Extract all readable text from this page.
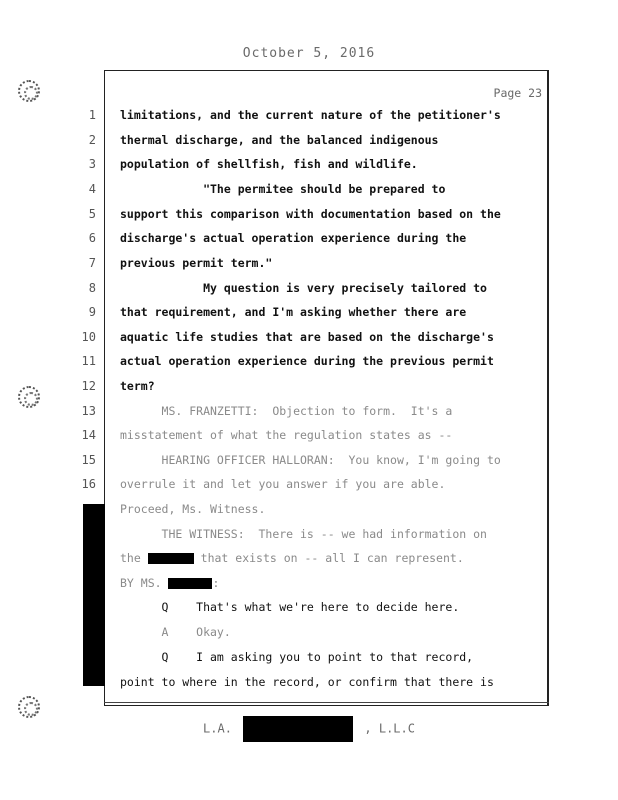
October 5, 2016
Page 23
1 limitations, and the current nature of the petitioner's
2 thermal discharge, and the balanced indigenous
3 population of shellfish, fish and wildlife.
4 "The permitee should be prepared to
5 support this comparison with documentation based on the
6 discharge's actual operation experience during the
7 previous permit term."
8 My question is very precisely tailored to
9 that requirement, and I'm asking whether there are
10 aquatic life studies that are based on the discharge's
11 actual operation experience during the previous permit
12 term?
13 MS. FRANZETTI:  Objection to form.  It's a
14 misstatement of what the regulation states as --
15 HEARING OFFICER HALLORAN:  You know, I'm going to
16 overrule it and let you answer if you are able.
Proceed, Ms. Witness.
THE WITNESS:  There is -- we had information on
the	that exists on -- all I can represent.
BY MS.	:
Q    That's what we're here to decide here.
A    Okay.
Q    I am asking you to point to that record,
point to where in the record, or confirm that there is
L.A.	, L.L.C
